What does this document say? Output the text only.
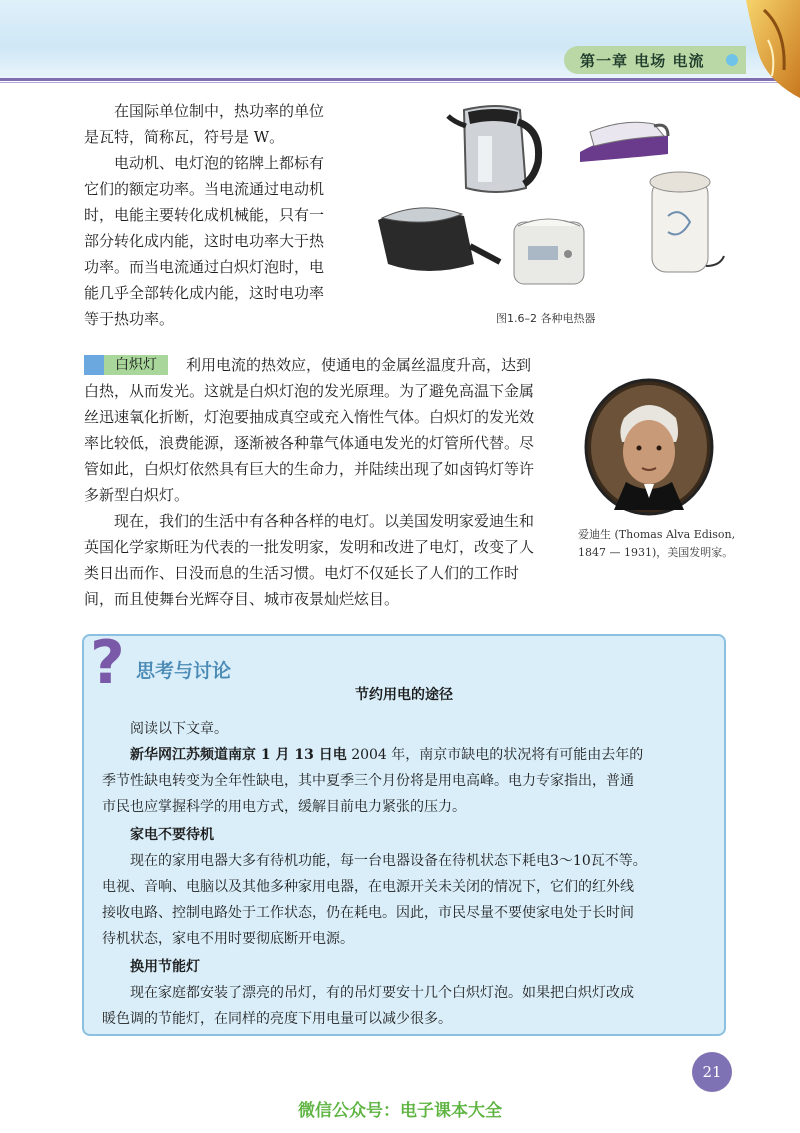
第一章 电场 电流
在国际单位制中，热功率的单位
是瓦特，简称瓦，符号是 W。
电动机、电灯泡的铭牌上都标有
它们的额定功率。当电流通过电动机
时，电能主要转化成机械能，只有一
部分转化成内能，这时电功率大于热
功率。而当电流通过白炽灯泡时，电
能几乎全部转化成内能，这时电功率
等于热功率。	图1.6–2 各种电热器
白炽灯	利用电流的热效应，使通电的金属丝温度升高，达到
白热，从而发光。这就是白炽灯泡的发光原理。为了避免高温下金属
丝迅速氧化折断，灯泡要抽成真空或充入惰性气体。白炽灯的发光效
率比较低，浪费能源，逐渐被各种靠气体通电发光的灯管所代替。尽
管如此，白炽灯依然具有巨大的生命力，并陆续出现了如卤钨灯等许
多新型白炽灯。
现在，我们的生活中有各种各样的电灯。以美国发明家爱迪生和
英国化学家斯旺为代表的一批发明家，发明和改进了电灯，改变了人
类日出而作、日没而息的生活习惯。电灯不仅延长了人们的工作时
间，而且使舞台光辉夺目、城市夜景灿烂炫目。
爱迪生 (Thomas Alva Edison,
1847 — 1931)，美国发明家。
? 思考与讨论
节约用电的途径
阅读以下文章。
新华网江苏频道南京 1 月 13 日电 2004 年，南京市缺电的状况将有可能由去年的
季节性缺电转变为全年性缺电，其中夏季三个月份将是用电高峰。电力专家指出，普通
市民也应掌握科学的用电方式，缓解目前电力紧张的压力。
家电不要待机
现在的家用电器大多有待机功能，每一台电器设备在待机状态下耗电3～10瓦不等。
电视、音响、电脑以及其他多种家用电器，在电源开关未关闭的情况下，它们的红外线
接收电路、控制电路处于工作状态，仍在耗电。因此，市民尽量不要使家电处于长时间
待机状态，家电不用时要彻底断开电源。
换用节能灯
现在家庭都安装了漂亮的吊灯，有的吊灯要安十几个白炽灯泡。如果把白炽灯改成
暖色调的节能灯，在同样的亮度下用电量可以减少很多。
21
微信公众号：电子课本大全
